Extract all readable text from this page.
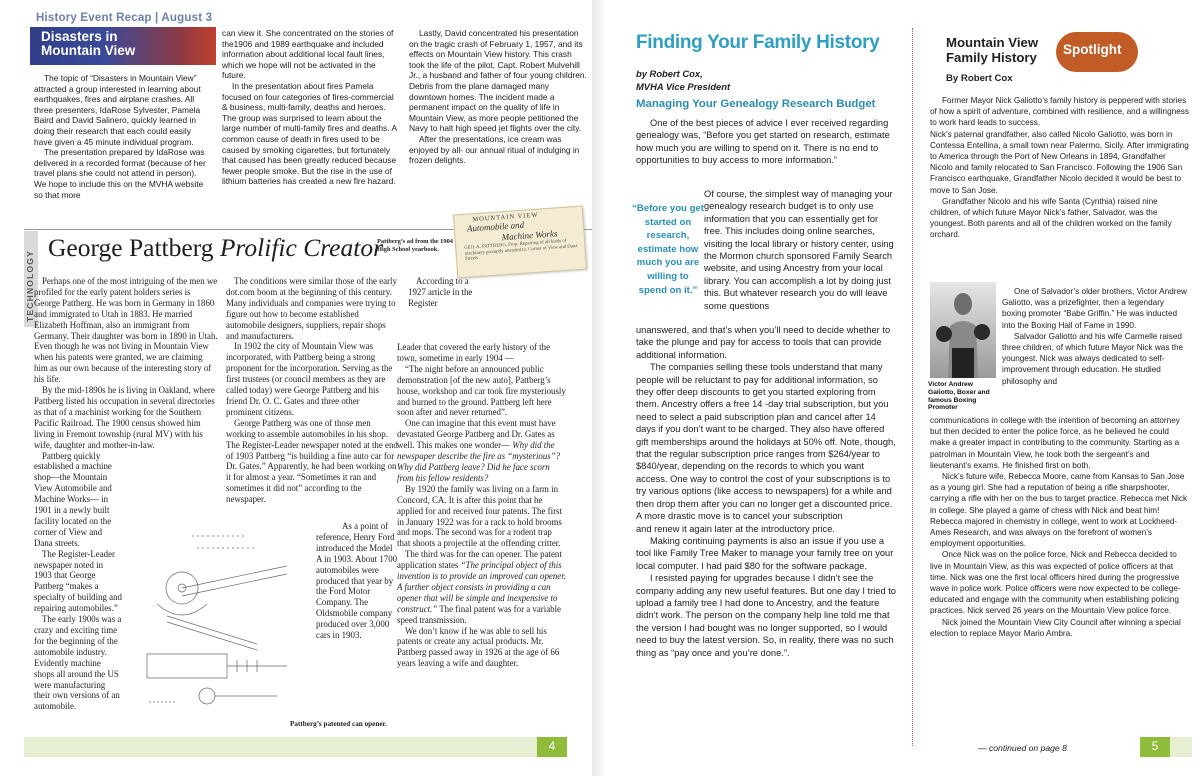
History Event Recap | August 3
Disasters in
Mountain View

The topic of “Disasters in Mountain View” attracted a group interested in learning about earthquakes, fires and airplane crashes. All three presenters, IdaRose Sylvester, Pamela Baird and David Salinero, quickly learned in doing their research that each could easily have given a 45 minute individual program.

The presentation prepared by IdaRose was delivered in a recorded format (because of her travel plans she could not attend in person). We hope to include this on the MVHA website so that more

can view it. She concentrated on the stories of the1906 and 1989 earthquake and included information about additional local fault lines, which we hope will not be activated in the future.

In the presentation about fires Pamela focused on four categories of fires-commercial & business, multi-family, deaths and heroes. The group was surprised to learn about the large number of multi-family fires and deaths. A common cause of death in fires used to be caused by smoking cigarettes, but fortunately that caused has been greatly reduced because fewer people smoke. But the rise in the use of lithium batteries has created a new fire hazard.

Lastly, David concentrated his presentation on the tragic crash of February 1, 1957, and its effects on Mountain View history. This crash took the life of the pilot, Capt. Robert Mulvehill Jr., a husband and father of four young children. Debris from the plane damaged many downtown homes. The incident made a permanent impact on the quality of life in Mountain View, as more people petitioned the Navy to halt high speed jet flights over the city.

After the presentations, ice cream was enjoyed by all- our annual ritual of indulging in frozen delights.

TECHNOLOGY
George Pattberg Prolific Creator
Pattberg’s ad from the 1904 High School yearbook.
MOUNTAIN VIEW
Automobile and
Machine Works
GEO. A. PATTBERG, Prop. Repairing of all kinds of machinery promptly attended to. Corner of View and Dana Streets

Perhaps one of the most intriguing of the men we profiled for the early patent holders series is George Pattberg. He was born in Germany in 1860 and immigrated to Utah in 1883. He married Elizabeth Hoffman, also an immigrant from Germany. Their daughter was born in 1890 in Utah. Even though he was not living in Mountain View when his patents were granted, we are claiming him as our own because of the interesting story of his life.

By the mid-1890s he is living in Oakland, where Pattberg listed his occupation in several directories as that of a machinist working for the Southern Pacific Railroad. The 1900 census showed him living in Fremont township (rural MV) with his wife, daughter and mother-in-law.

Pattberg quickly established a machine shop—the Mountain View Automobile and Machine Works— in 1901 in a newly built facility located on the corner of View and Dana streets.

The Register-Leader newspaper noted in 1903 that George Pattberg “makes a specialty of building and repairing automobiles.”

The early 1900s was a crazy and exciting time for the beginning of the automobile industry. Evidently machine shops all around the US were manufacturing their own versions of an automobile.

The conditions were similar those of the early dot.com boom at the beginning of this century. Many individuals and companies were trying to figure out how to become established automobile designers, suppliers, repair shops and manufacturers.

In 1902 the city of Mountain View was incorporated, with Pattberg being a strong proponent for the incorporation. Serving as the first trustees (or council members as they are called today) were George Pattberg and his friend Dr. O. C. Gates and three other prominent citizens.

George Pattberg was one of those men working to assemble automobiles in his shop. The Register-Leader newspaper noted at the end of 1903 Pattberg “is building a fine auto car for Dr. Gates.” Apparently, he had been working on it for almost a year. “Sometimes it ran and sometimes it did not” according to the newspaper.

As a point of reference, Henry Ford introduced the Model A in 1903. About 1700 automobiles were produced that year by the Ford Motor Company. The Oldsmobile company produced over 3,000 cars in 1903.

According to a 1927 article in the Register

Leader that covered the early history of the town, sometime in early 1904 —

“The night before an announced public demonstration [of the new auto], Pattberg’s house, workshop and car took fire mysteriously and burned to the ground. Pattberg left here soon after and never returned”.

One can imagine that this event must have devastated George Pattberg and Dr. Gates as well. This makes one wonder— Why did the newspaper describe the fire as “mysterious”? Why did Pattberg leave? Did he face scorn from his fellow residents?

By 1920 the family was living on a farm in Concord, CA. It is after this point that he applied for and received four patents. The first in January 1922 was for a rack to hold brooms and mops. The second was for a rodent trap that shoots a projectile at the offending critter.

The third was for the can opener. The patent application states “The principal object of this invention is to provide an improved can opener. A further object consists in providing a can opener that will be simple and inexpensive to construct.” The final patent was for a variable speed transmission.

We don’t know if he was able to sell his patents or create any actual products. Mr. Pattberg passed away in 1926 at the age of 66 years leaving a wife and daughter.

Pattberg’s patented can opener.
4
Finding Your Family History
by Robert Cox,
MVHA Vice President
Managing Your Genealogy Research Budget

One of the best pieces of advice I ever received regarding genealogy was, “Before you get started on research, estimate how much you are willing to spend on it. There is no end to opportunities to buy access to more information.”

“Before you get started on research, estimate how much you are willing to spend on it.”

Of course, the simplest way of managing your genealogy research budget is to only use information that you can essentially get for free. This includes doing online searches, visiting the local library or history center, using the Mormon church sponsored Family Search website, and using Ancestry from your local library. You can accomplish a lot by doing just this. But whatever research you do will leave some questions

unanswered, and that’s when you’ll need to decide whether to take the plunge and pay for access to tools that can provide additional information.

The companies selling these tools understand that many people will be reluctant to pay for additional information, so they offer deep discounts to get you started exploring from them. Ancestry offers a free 14 -day trial subscription, but you need to select a paid subscription plan and cancel after 14 days if you don’t want to be charged. They also have offered gift memberships around the holidays at 50% off. Note, though, that the regular subscription price ranges from $264/year to $840/year, depending on the records to which you want access. One way to control the cost of your subscriptions is to try various options (like access to newspapers) for a while and then drop them after you can no longer get a discounted price. A more drastic move is to cancel your subscription

and renew it again later at the introductory price.

Making continuing payments is also an issue if you use a tool like Family Tree Maker to manage your family tree on your local computer. I had paid $80 for the software package.

I resisted paying for upgrades because I didn’t see the company adding any new useful features. But one day I tried to upload a family tree I had done to Ancestry, and the feature didn’t work. The person on the company help line told me that the version I had bought was no longer supported, so I would need to buy the latest version. So, in reality, there was no such thing as “pay once and you’re done.”.

Mountain View
Family History Spotlight
By Robert Cox

Former Mayor Nick Galiotto’s family history is peppered with stories of how a spirit of adventure, combined with resilience, and a willingness to work hard leads to success.

Nick’s paternal grandfather, also called Nicolo Galiotto, was born in Contessa Entellina, a small town near Palermo, Sicily. After immigrating to America through the Port of New Orleans in 1894, Grandfather Nicolo and family relocated to San Francisco. Following the 1906 San Francisco earthquake, Grandfather Nicolo decided it would be best to move to San Jose.

Grandfather Nicolo and his wife Santa (Cynthia) raised nine children, of which future Mayor Nick’s father, Salvador, was the youngest. Both parents and all of the children worked on the family orchard.

Victor Andrew Galiotto, Boxer and famous Boxing Promoter

One of Salvador’s older brothers, Victor Andrew Galiotto, was a prizefighter, then a legendary boxing promoter “Babe Griffin.” He was inducted into the Boxing Hall of Fame in 1990.

Salvador Galiotto and his wife Carmelle raised three children, of which future Mayor Nick was the youngest. Nick was always dedicated to self-improvement through education. He studied philosophy and

communications in college with the intention of becoming an attorney but then decided to enter the police force, as he believed he could make a greater impact in contributing to the community. Starting as a patrolman in Mountain View, he took both the sergeant’s and lieutenant’s exams. He finished first on both.

Nick’s future wife, Rebecca Moore, came from Kansas to San Jose as a young girl. She had a reputation of being a rifle sharpshooter, carrying a rifle with her on the bus to target practice. Rebecca met Nick in college. She played a game of chess with Nick and beat him! Rebecca majored in chemistry in college, went to work at Lockheed- Ames Research, and was always on the forefront of women’s employment opportunities.

Once Nick was on the police force, Nick and Rebecca decided to live in Mountain View, as this was expected of police officers at that time. Nick was one the first local officers hired during the progressive wave in police work. Police officers were now expected to be college-educated and engage with the community when establishing policing practices. Nick served 26 years on the Mountain View police force.

Nick joined the Mountain View City Council after winning a special election to replace Mayor Mario Ambra.

— continued on page 8	5
